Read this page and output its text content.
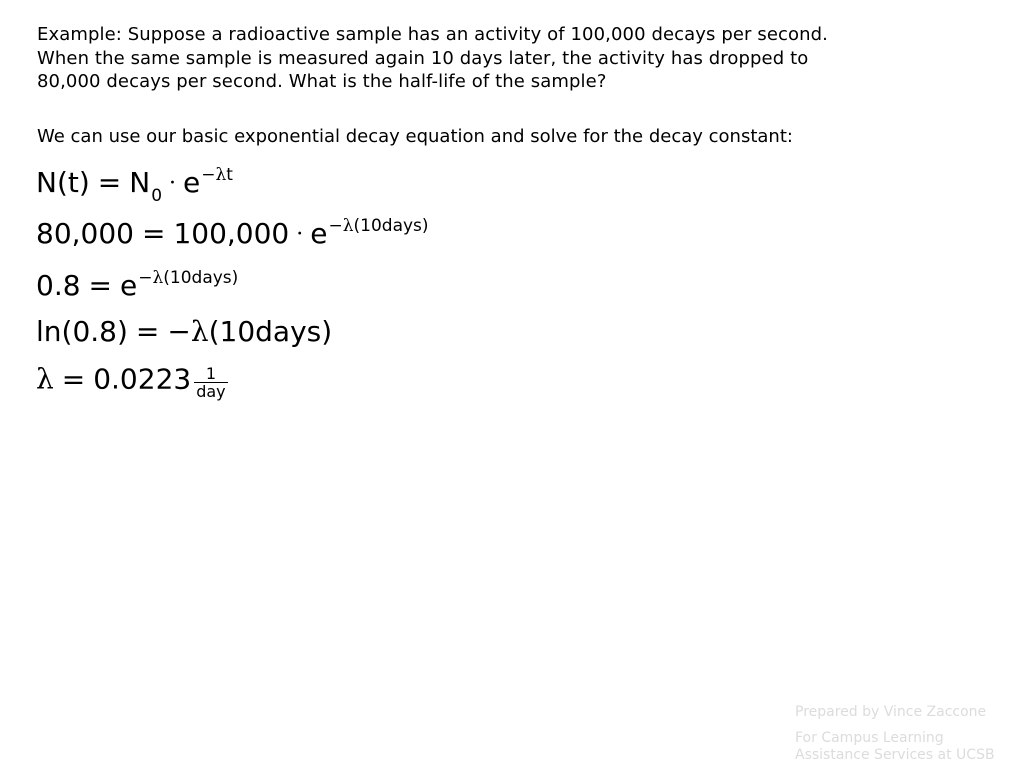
Example: Suppose a radioactive sample has an activity of 100,000 decays per second.
When the same sample is measured again 10 days later, the activity has dropped to
80,000 decays per second. What is the half-life of the sample?
We can use our basic exponential decay equation and solve for the decay constant:
$N(t) = N_0 \cdot e^{-\lambda t}$
$80,000 = 100,000 \cdot e^{-\lambda(10days)}$
$0.8 = e^{-\lambda(10days)}$
ln(0.8) = −λ(10days)
$\lambda = 0.0223 \frac{1}{\text{day}}$
Prepared by Vince Zaccone
For Campus Learning
Assistance Services at UCSB
